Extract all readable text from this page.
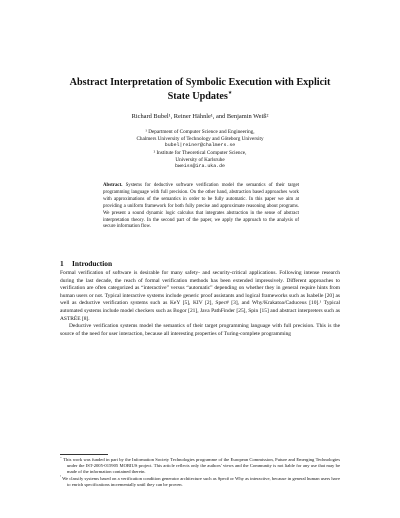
Abstract Interpretation of Symbolic Execution with Explicit State Updates⋆
Richard Bubel¹, Reiner Hähnle¹, and Benjamin Weiß²
¹ Department of Computer Science and Engineering,
Chalmers University of Technology and Göteborg University
bubel|reiner@chalmers.se
² Institute for Theoretical Computer Science,
University of Karlsruhe
bweiss@ira.uka.de
Abstract. Systems for deductive software verification model the semantics of their target programming language with full precision. On the other hand, abstraction based approaches work with approximations of the semantics in order to be fully automatic. In this paper we aim at providing a uniform framework for both fully precise and approximate reasoning about programs. We present a sound dynamic logic calculus that integrates abstraction in the sense of abstract interpretation theory. In the second part of the paper, we apply the approach to the analysis of secure information flow.
1 Introduction

Formal verification of software is desirable for many safety- and security-critical applications. Following intense research during the last decade, the reach of formal verification methods has been extended impressively. Different approaches to verification are often categorized as “interactive” versus “automatic” depending on whether they in general require hints from human users or not. Typical interactive systems include generic proof assistants and logical frameworks such as Isabelle [20] as well as deductive verification systems such as KeY [5], KIV [2], Spec# [3], and Why/Krakatoa/Caduceus [10].¹ Typical automated systems include model checkers such as Bogor [21], Java PathFinder [25], Spin [15] and abstract interpreters such as ASTRÉE [8].

Deductive verification systems model the semantics of their target programming language with full precision. This is the source of the need for user interaction, because all interesting properties of Turing-complete programming

⋆ This work was funded in part by the Information Society Technologies programme of the European Commission, Future and Emerging Technologies under the IST-2005-015905 MOBIUS project. This article reflects only the authors' views and the Community is not liable for any use that may be made of the information contained therein.

$^{^1}$ We classify systems based on a verification condition generator architecture such as Spec# or Why as interactive, because in general human users have to enrich specifications incrementally until they can be proven.
